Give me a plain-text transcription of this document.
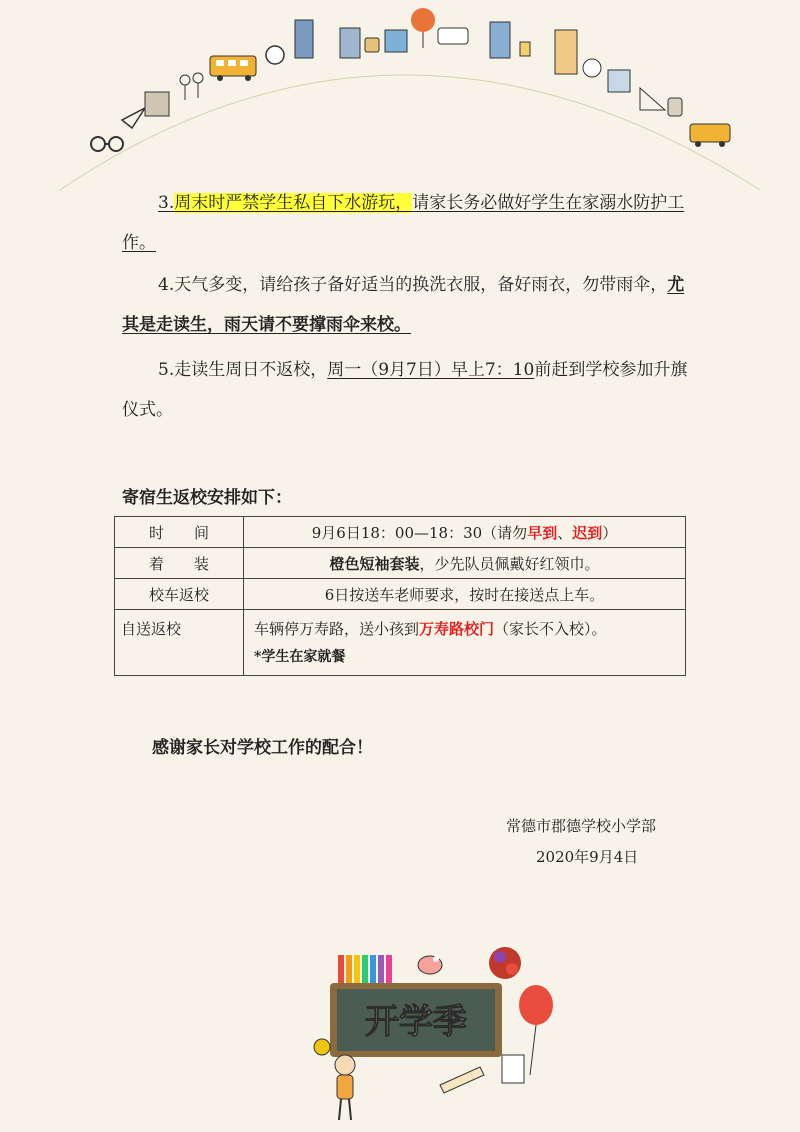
3.周末时严禁学生私自下水游玩，请家长务必做好学生在家溺水防护工作。
4.天气多变，请给孩子备好适当的换洗衣服，备好雨衣，勿带雨伞，尤其是走读生，雨天请不要撑雨伞来校。
5.走读生周日不返校，周一（9月7日）早上7：10前赶到学校参加升旗仪式。
寄宿生返校安排如下：
时　　间	9月6日18：00—18：30（请勿早到、迟到）
着　　装	橙色短袖套装，少先队员佩戴好红领巾。
校车返校	6日按送车老师要求，按时在接送点上车。
自送返校	车辆停万寿路，送小孩到万寿路校门（家长不入校）。
*学生在家就餐
感谢家长对学校工作的配合！
常德市郡德学校小学部
2020年9月4日
开学季
